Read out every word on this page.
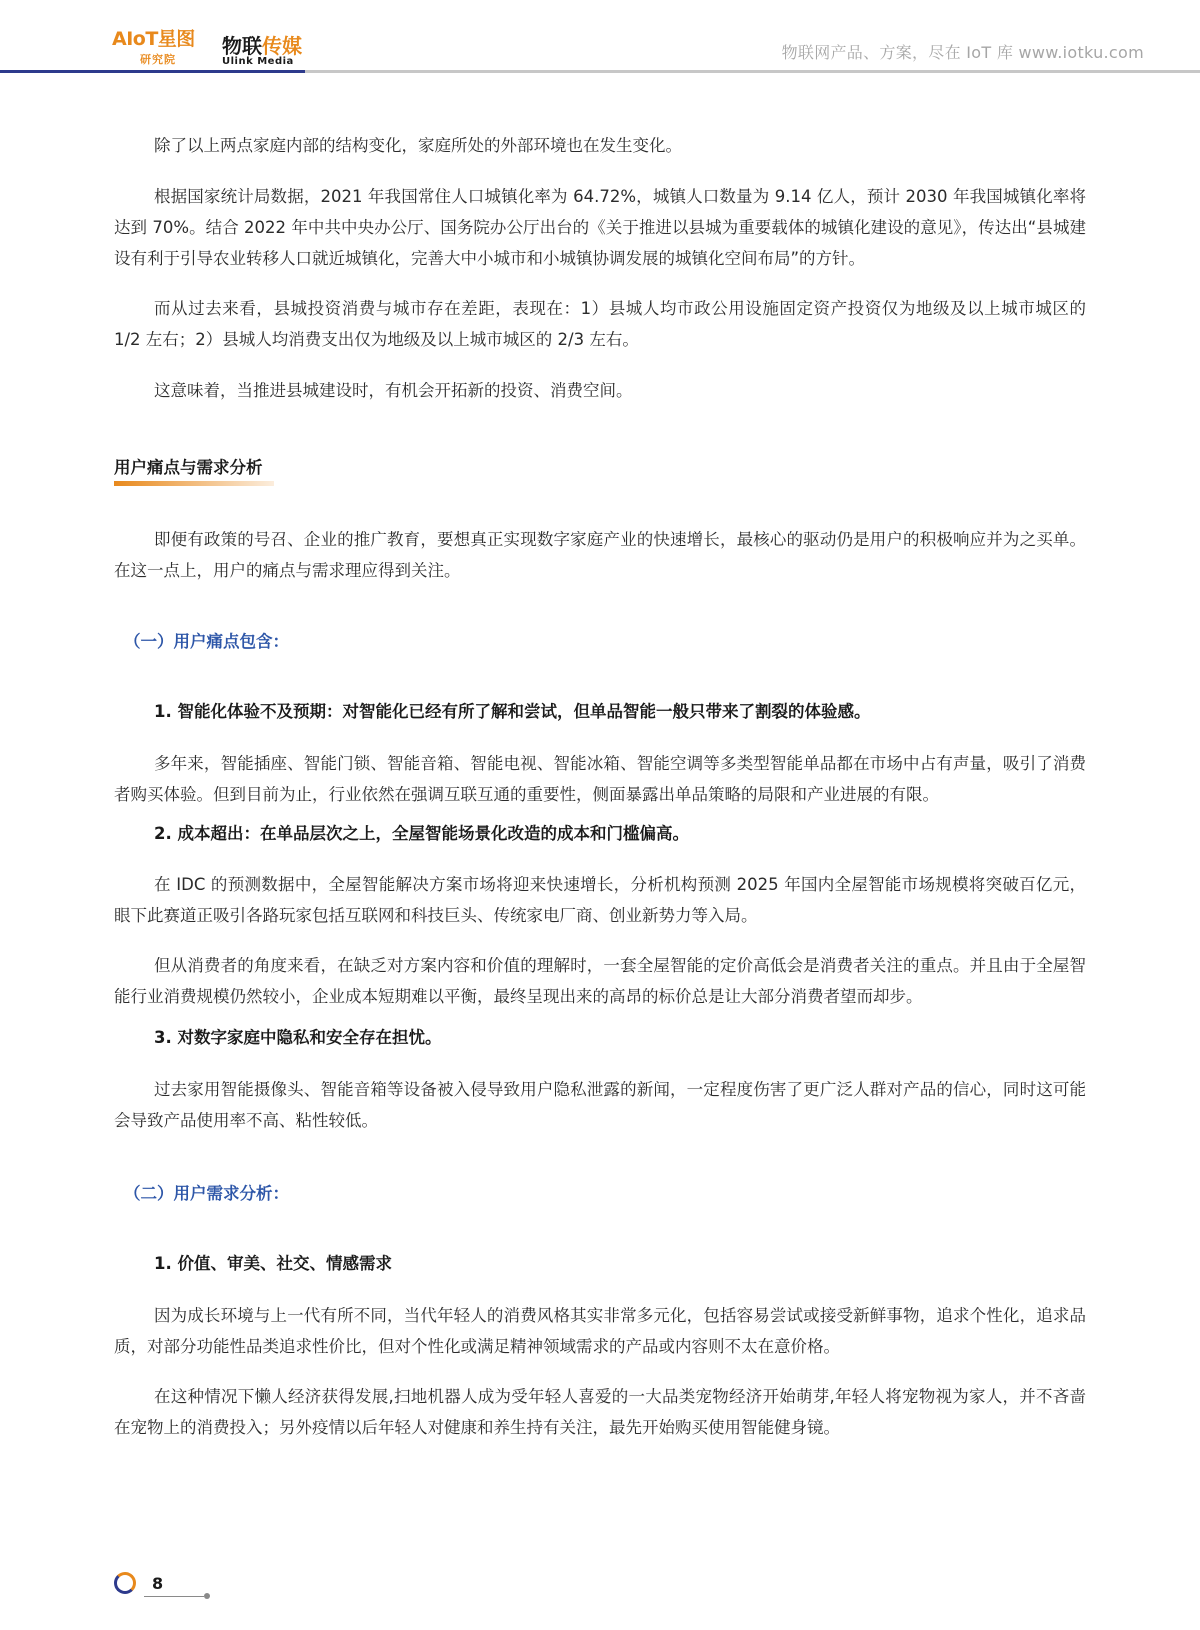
AIoT星图
研究院
物联传媒
Ulink Media	物联网产品、方案，尽在 IoT 库 www.iotku.com

除了以上两点家庭内部的结构变化，家庭所处的外部环境也在发生变化。

根据国家统计局数据，2021 年我国常住人口城镇化率为 64.72%，城镇人口数量为 9.14 亿人，预计 2030 年我国城镇化率将达到 70%。结合 2022 年中共中央办公厅、国务院办公厅出台的《关于推进以县城为重要载体的城镇化建设的意见》，传达出“县城建设有利于引导农业转移人口就近城镇化，完善大中小城市和小城镇协调发展的城镇化空间布局”的方针。

而从过去来看，县城投资消费与城市存在差距，表现在：1）县城人均市政公用设施固定资产投资仅为地级及以上城市城区的 1/2 左右；2）县城人均消费支出仅为地级及以上城市城区的 2/3 左右。

这意味着，当推进县城建设时，有机会开拓新的投资、消费空间。

用户痛点与需求分析

即便有政策的号召、企业的推广教育，要想真正实现数字家庭产业的快速增长，最核心的驱动仍是用户的积极响应并为之买单。在这一点上，用户的痛点与需求理应得到关注。

（一）用户痛点包含：
1. 智能化体验不及预期：对智能化已经有所了解和尝试，但单品智能一般只带来了割裂的体验感。

多年来，智能插座、智能门锁、智能音箱、智能电视、智能冰箱、智能空调等多类型智能单品都在市场中占有声量，吸引了消费者购买体验。但到目前为止，行业依然在强调互联互通的重要性，侧面暴露出单品策略的局限和产业进展的有限。

2. 成本超出：在单品层次之上，全屋智能场景化改造的成本和门槛偏高。

在 IDC 的预测数据中，全屋智能解决方案市场将迎来快速增长，分析机构预测 2025 年国内全屋智能市场规模将突破百亿元，眼下此赛道正吸引各路玩家包括互联网和科技巨头、传统家电厂商、创业新势力等入局。

但从消费者的角度来看，在缺乏对方案内容和价值的理解时，一套全屋智能的定价高低会是消费者关注的重点。并且由于全屋智能行业消费规模仍然较小，企业成本短期难以平衡，最终呈现出来的高昂的标价总是让大部分消费者望而却步。

3. 对数字家庭中隐私和安全存在担忧。

过去家用智能摄像头、智能音箱等设备被入侵导致用户隐私泄露的新闻，一定程度伤害了更广泛人群对产品的信心，同时这可能会导致产品使用率不高、粘性较低。

（二）用户需求分析：
1. 价值、审美、社交、情感需求

因为成长环境与上一代有所不同，当代年轻人的消费风格其实非常多元化，包括容易尝试或接受新鲜事物，追求个性化，追求品质，对部分功能性品类追求性价比，但对个性化或满足精神领域需求的产品或内容则不太在意价格。

在这种情况下懒人经济获得发展,扫地机器人成为受年轻人喜爱的一大品类宠物经济开始萌芽,年轻人将宠物视为家人，并不吝啬在宠物上的消费投入；另外疫情以后年轻人对健康和养生持有关注，最先开始购买使用智能健身镜。

8
